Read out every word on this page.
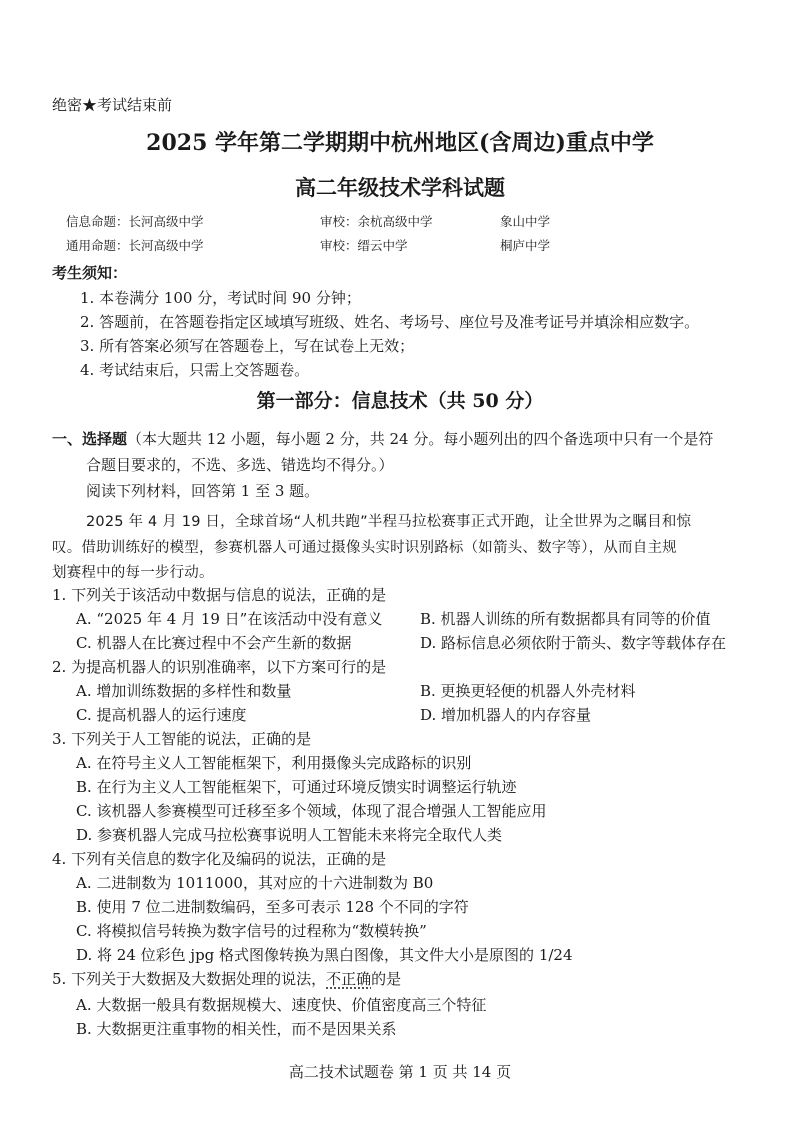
绝密★考试结束前
2025 学年第二学期期中杭州地区(含周边)重点中学
高二年级技术学科试题
信息命题：长河高级中学	审校：余杭高级中学	象山中学
通用命题：长河高级中学	审校：缙云中学	桐庐中学
考生须知：
1. 本卷满分 100 分，考试时间 90 分钟；
2. 答题前，在答题卷指定区域填写班级、姓名、考场号、座位号及准考证号并填涂相应数字。
3. 所有答案必须写在答题卷上，写在试卷上无效；
4. 考试结束后，只需上交答题卷。
第一部分：信息技术（共 50 分）
一、选择题（本大题共 12 小题，每小题 2 分，共 24 分。每小题列出的四个备选项中只有一个是符
合题目要求的，不选、多选、错选均不得分。）
阅读下列材料，回答第 1 至 3 题。
2025 年 4 月 19 日，全球首场“人机共跑”半程马拉松赛事正式开跑，让全世界为之瞩目和惊
叹。借助训练好的模型，参赛机器人可通过摄像头实时识别路标（如箭头、数字等），从而自主规
划赛程中的每一步行动。
1. 下列关于该活动中数据与信息的说法，正确的是
A. “2025 年 4 月 19 日”在该活动中没有意义	B. 机器人训练的所有数据都具有同等的价值
C. 机器人在比赛过程中不会产生新的数据	D. 路标信息必须依附于箭头、数字等载体存在
2. 为提高机器人的识别准确率，以下方案可行的是
A. 增加训练数据的多样性和数量	B. 更换更轻便的机器人外壳材料
C. 提高机器人的运行速度	D. 增加机器人的内存容量
3. 下列关于人工智能的说法，正确的是
A. 在符号主义人工智能框架下，利用摄像头完成路标的识别
B. 在行为主义人工智能框架下，可通过环境反馈实时调整运行轨迹
C. 该机器人参赛模型可迁移至多个领域，体现了混合增强人工智能应用
D. 参赛机器人完成马拉松赛事说明人工智能未来将完全取代人类
4. 下列有关信息的数字化及编码的说法，正确的是
A. 二进制数为 1011000，其对应的十六进制数为 B0
B. 使用 7 位二进制数编码，至多可表示 128 个不同的字符
C. 将模拟信号转换为数字信号的过程称为“数模转换”
D. 将 24 位彩色 jpg 格式图像转换为黑白图像，其文件大小是原图的 1/24
5. 下列关于大数据及大数据处理的说法，不正确的是
A. 大数据一般具有数据规模大、速度快、价值密度高三个特征
B. 大数据更注重事物的相关性，而不是因果关系
高二技术试题卷 第 1 页 共 14 页
